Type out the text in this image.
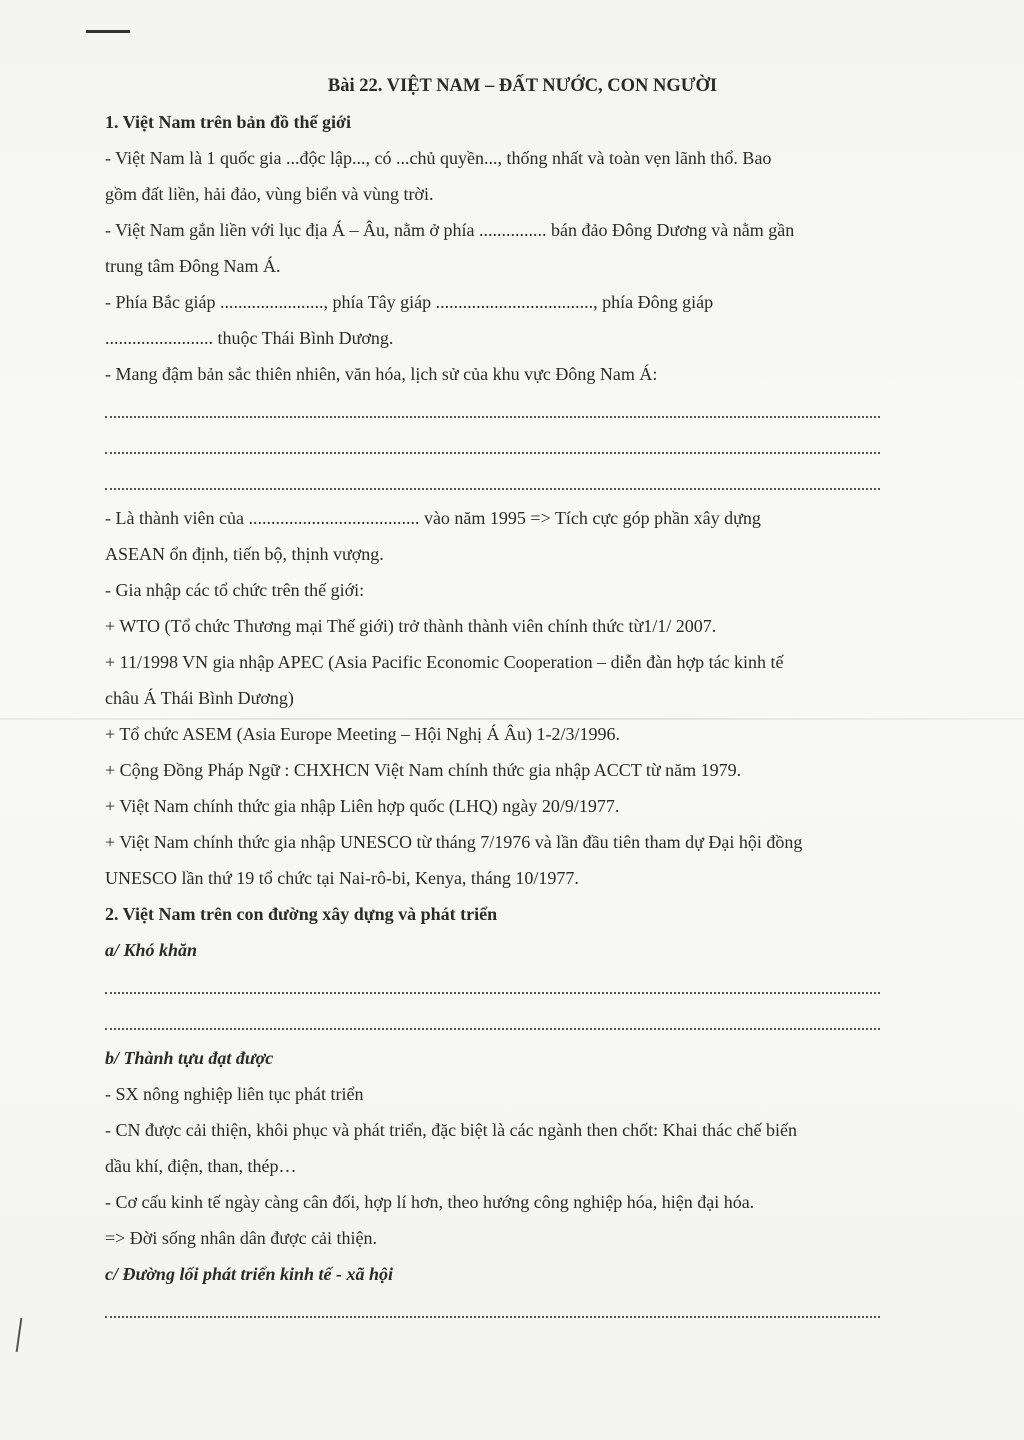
Bài 22. VIỆT NAM – ĐẤT NƯỚC, CON NGƯỜI

1. Việt Nam trên bản đồ thế giới

- Việt Nam là 1 quốc gia ...độc lập..., có ...chủ quyền..., thống nhất và toàn vẹn lãnh thổ. Bao

gồm đất liền, hải đảo, vùng biển và vùng trời.

- Việt Nam gắn liền với lục địa Á – Âu, nằm ở phía ............... bán đảo Đông Dương và nằm gần

trung tâm Đông Nam Á.

- Phía Bắc giáp ......................., phía Tây giáp ..................................., phía Đông giáp

........................ thuộc Thái Bình Dương.

- Mang đậm bản sắc thiên nhiên, văn hóa, lịch sử của khu vực Đông Nam Á:

- Là thành viên của ...................................... vào năm 1995 => Tích cực góp phần xây dựng

ASEAN ổn định, tiến bộ, thịnh vượng.

- Gia nhập các tổ chức trên thế giới:

+ WTO (Tổ chức Thương mại Thế giới) trở thành thành viên chính thức từ1/1/ 2007.

+ 11/1998 VN gia nhập APEC (Asia Pacific Economic Cooperation – diễn đàn hợp tác kinh tế

châu Á Thái Bình Dương)

+ Tổ chức ASEM (Asia Europe Meeting – Hội Nghị Á Âu) 1-2/3/1996.

+ Cộng Đồng Pháp Ngữ : CHXHCN Việt Nam chính thức gia nhập ACCT từ năm 1979.

+ Việt Nam chính thức gia nhập Liên hợp quốc (LHQ) ngày 20/9/1977.

+ Việt Nam chính thức gia nhập UNESCO từ tháng 7/1976 và lần đầu tiên tham dự Đại hội đồng

UNESCO lần thứ 19 tổ chức tại Nai-rô-bi, Kenya, tháng 10/1977.

2. Việt Nam trên con đường xây dựng và phát triển

a/ Khó khăn

b/ Thành tựu đạt được

- SX nông nghiệp liên tục phát triển

- CN được cải thiện, khôi phục và phát triển, đặc biệt là các ngành then chốt: Khai thác chế biến

dầu khí, điện, than, thép…

- Cơ cấu kinh tế ngày càng cân đối, hợp lí hơn, theo hướng công nghiệp hóa, hiện đại hóa.

=> Đời sống nhân dân được cải thiện.

c/ Đường lối phát triển kinh tế - xã hội
